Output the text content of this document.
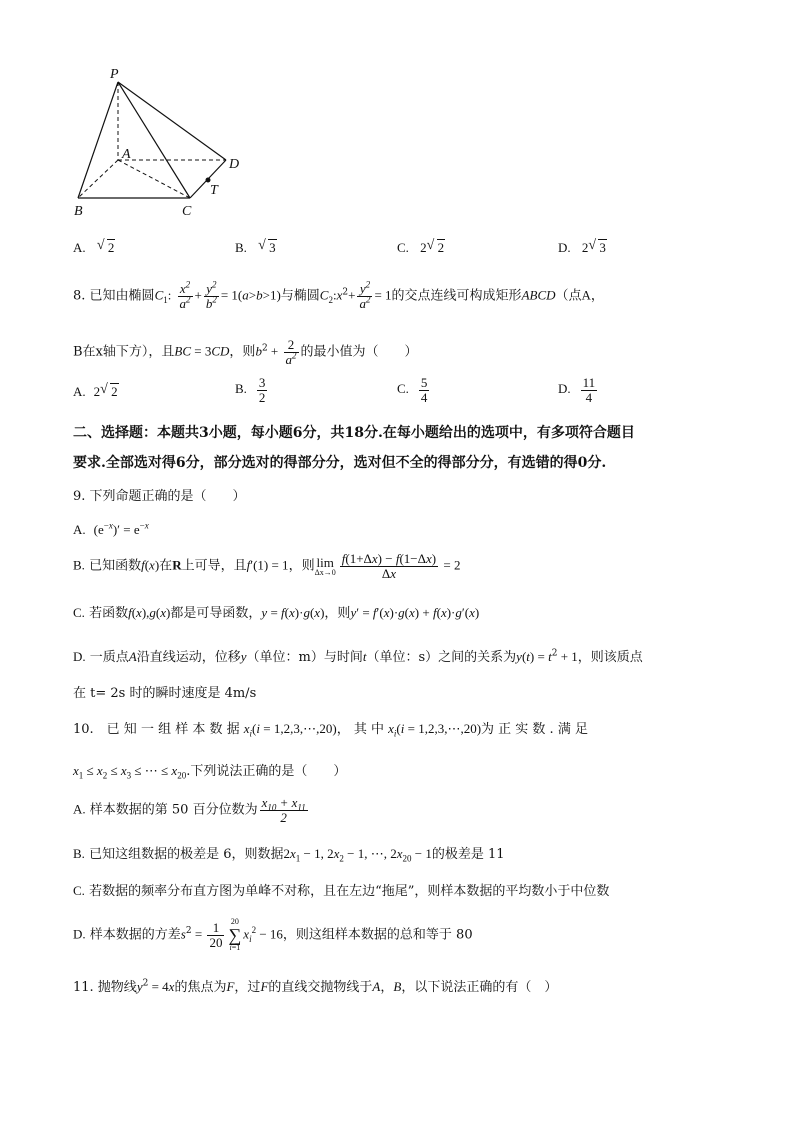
P
A
D
T
B	C
A. √ 2	B. √ 3	C. 2 √ 2	D. 2 √ 3
8. 已知由椭圆$C_1$: $\frac{x^2}{a^2} + \frac{y^2}{b^2} = 1(a>b>1)$与椭圆$C_2:x^2+ \frac{y^2}{a^2} = 1$的交点连线可构成矩形ABCD（点A，
B在x轴下方），且BC = 3CD，则$b^2 + \frac{2}{a^2}$ 的最小值为（　　）
A. 2 √ 2	B. $\frac{3}{2}$	C. $\frac{5}{4}$	D. $\frac{11}{4}$
二、选择题：本题共3小题，每小题6分，共18分.在每小题给出的选项中，有多项符合题目
要求.全部选对得6分，部分选对的得部分分，选对但不全的得部分分，有选错的得0分.
9. 下列命题正确的是（　　）
A. $(e^{-x})' = e^{-x}$
B. 已知函数f(x)在R上可导，且f′(1) = 1，则 lim
$\Delta x\to 0 \frac{f(1+\Delta x) - f(1-\Delta x)}{\Delta x} = 2$
C. 若函数f(x),g(x)都是可导函数，y = f(x)·g(x)，则y′ = f′(x)·g(x) + f(x)·g′(x)
D. 一质点A沿直线运动，位移y（单位：m）与时间t（单位：s）之间的关系为$y(t) = t^2 + 1$，则该质点
在 t= 2s 时的瞬时速度是 4m/s
10.　已 知 一 组 样 本 数 据 $x_i(i$ = 1,2,3,⋯,20)， 其 中 $x_i(i$ = 1,2,3,⋯,20)为 正 实 数 . 满 足
$x_1 \le x_2 \le x_3$ ≤ ⋯ ≤ $x_{20}$.下列说法正确的是（　　）
A. 样本数据的第 50 百分位数为 $\frac{x_{10} + x_{11}}{2}$
B. 已知这组数据的极差是 6，则数据$2x_1 - 1$, $2x_2 - 1$, ⋯, $2x_{20} - 1$的极差是 11
C. 若数据的频率分布直方图为单峰不对称，且在左边“拖尾”，则样本数据的平均数小于中位数
D. 样本数据的方差$s^2 = \frac{1}{20} 20$
∑
i=1
$x_i^2 - 16$，则这组样本数据的总和等于 80
11. 抛物线$y^2 = 4x$的焦点为F，过F的直线交抛物线于A，B，以下说法正确的有（　）
